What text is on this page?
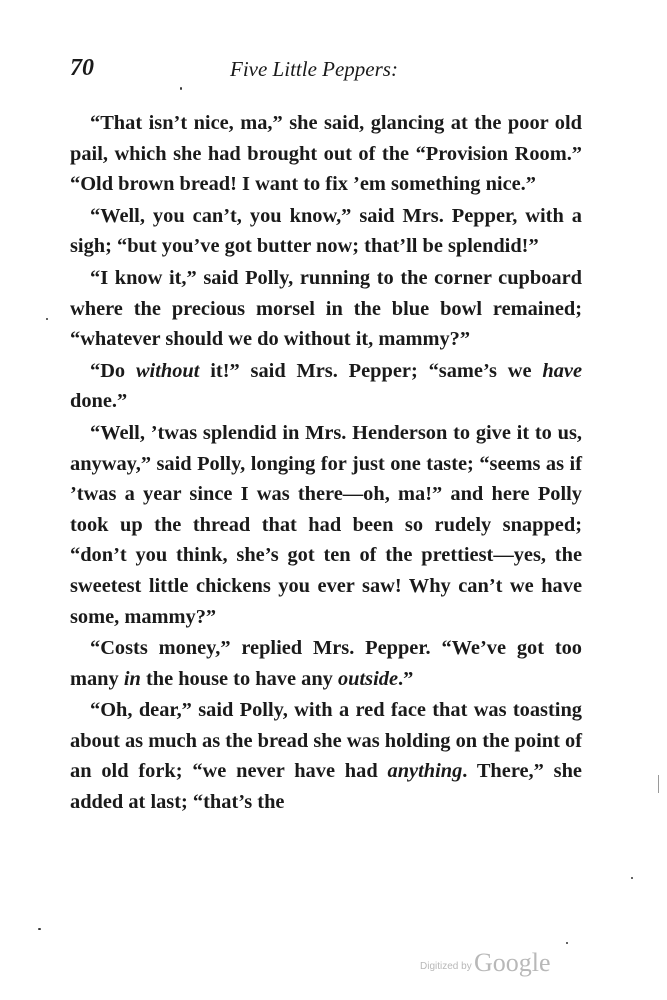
70	Five Little Peppers:

“That isn’t nice, ma,” she said, glancing at the poor old pail, which she had brought out of the “Provision Room.” “Old brown bread! I want to fix ’em something nice.”

“Well, you can’t, you know,” said Mrs. Pepper, with a sigh; “but you’ve got butter now; that’ll be splendid!”

“I know it,” said Polly, running to the corner cupboard where the precious morsel in the blue bowl remained; “whatever should we do without it, mammy?”

“Do without it!” said Mrs. Pepper; “same’s we have done.”

“Well, ’twas splendid in Mrs. Henderson to give it to us, anyway,” said Polly, longing for just one taste; “seems as if ’twas a year since I was there—oh, ma!” and here Polly took up the thread that had been so rudely snapped; “don’t you think, she’s got ten of the prettiest—yes, the sweetest little chickens you ever saw! Why can’t we have some, mammy?”

“Costs money,” replied Mrs. Pepper. “We’ve got too many in the house to have any outside.”

“Oh, dear,” said Polly, with a red face that was toasting about as much as the bread she was holding on the point of an old fork; “we never have had anything. There,” she added at last; “that’s the

Digitized by Google
